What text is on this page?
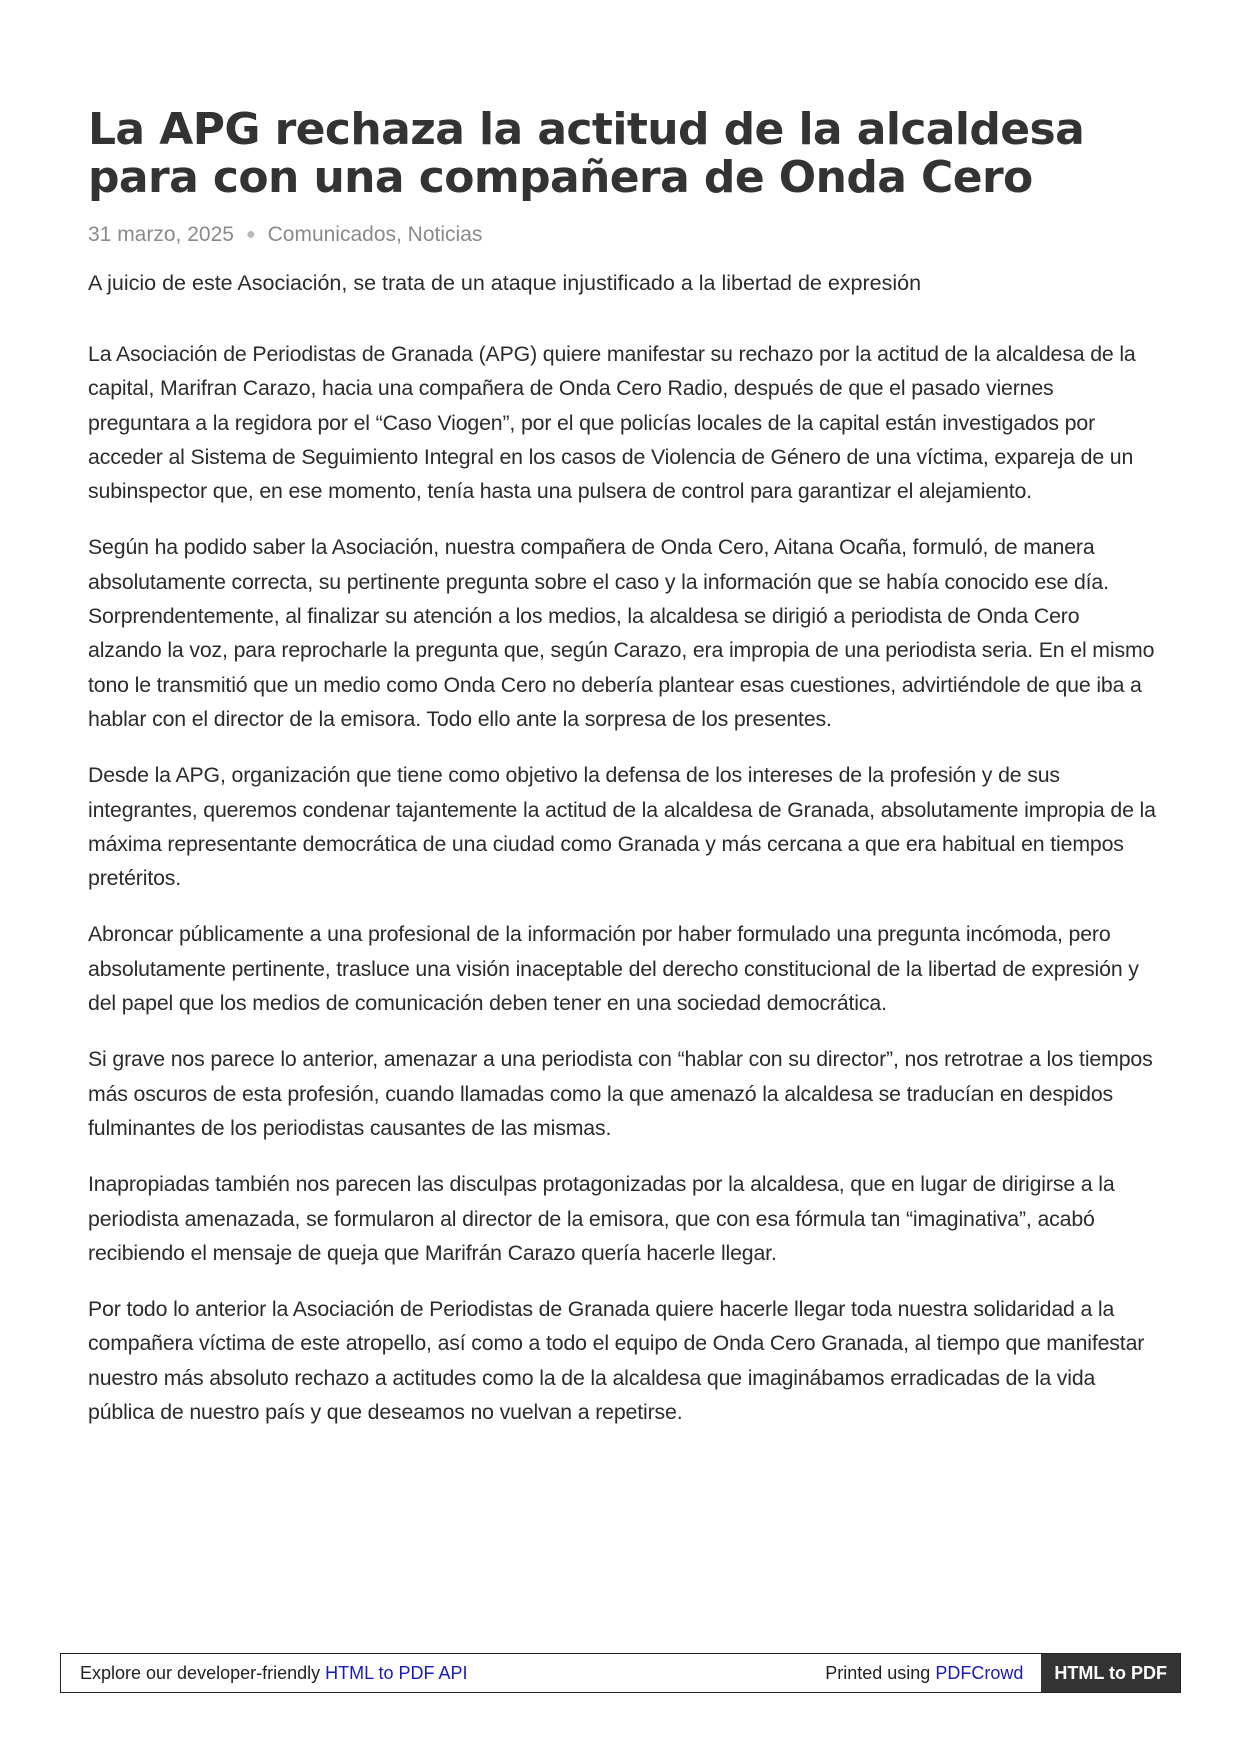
La APG rechaza la actitud de la alcaldesa para con una compañera de Onda Cero
31 marzo, 2025 ● Comunicados, Noticias
A juicio de este Asociación, se trata de un ataque injustificado a la libertad de expresión

La Asociación de Periodistas de Granada (APG) quiere manifestar su rechazo por la actitud de la alcaldesa de la capital, Marifran Carazo, hacia una compañera de Onda Cero Radio, después de que el pasado viernes preguntara a la regidora por el “Caso Viogen”, por el que policías locales de la capital están investigados por acceder al Sistema de Seguimiento Integral en los casos de Violencia de Género de una víctima, expareja de un subinspector que, en ese momento, tenía hasta una pulsera de control para garantizar el alejamiento.

Según ha podido saber la Asociación, nuestra compañera de Onda Cero, Aitana Ocaña, formuló, de manera absolutamente correcta, su pertinente pregunta sobre el caso y la información que se había conocido ese día. Sorprendentemente, al finalizar su atención a los medios, la alcaldesa se dirigió a periodista de Onda Cero alzando la voz, para reprocharle la pregunta que, según Carazo, era impropia de una periodista seria. En el mismo tono le transmitió que un medio como Onda Cero no debería plantear esas cuestiones, advirtiéndole de que iba a hablar con el director de la emisora. Todo ello ante la sorpresa de los presentes.

Desde la APG, organización que tiene como objetivo la defensa de los intereses de la profesión y de sus integrantes, queremos condenar tajantemente la actitud de la alcaldesa de Granada, absolutamente impropia de la máxima representante democrática de una ciudad como Granada y más cercana a que era habitual en tiempos pretéritos.

Abroncar públicamente a una profesional de la información por haber formulado una pregunta incómoda, pero absolutamente pertinente, trasluce una visión inaceptable del derecho constitucional de la libertad de expresión y del papel que los medios de comunicación deben tener en una sociedad democrática.

Si grave nos parece lo anterior, amenazar a una periodista con “hablar con su director”, nos retrotrae a los tiempos más oscuros de esta profesión, cuando llamadas como la que amenazó la alcaldesa se traducían en despidos fulminantes de los periodistas causantes de las mismas.

Inapropiadas también nos parecen las disculpas protagonizadas por la alcaldesa, que en lugar de dirigirse a la periodista amenazada, se formularon al director de la emisora, que con esa fórmula tan “imaginativa”, acabó recibiendo el mensaje de queja que Marifrán Carazo quería hacerle llegar.

Por todo lo anterior la Asociación de Periodistas de Granada quiere hacerle llegar toda nuestra solidaridad a la compañera víctima de este atropello, así como a todo el equipo de Onda Cero Granada, al tiempo que manifestar nuestro más absoluto rechazo a actitudes como la de la alcaldesa que imaginábamos erradicadas de la vida pública de nuestro país y que deseamos no vuelvan a repetirse.

Explore our developer-friendly HTML to PDF API	Printed using PDFCrowd	HTML to PDF
